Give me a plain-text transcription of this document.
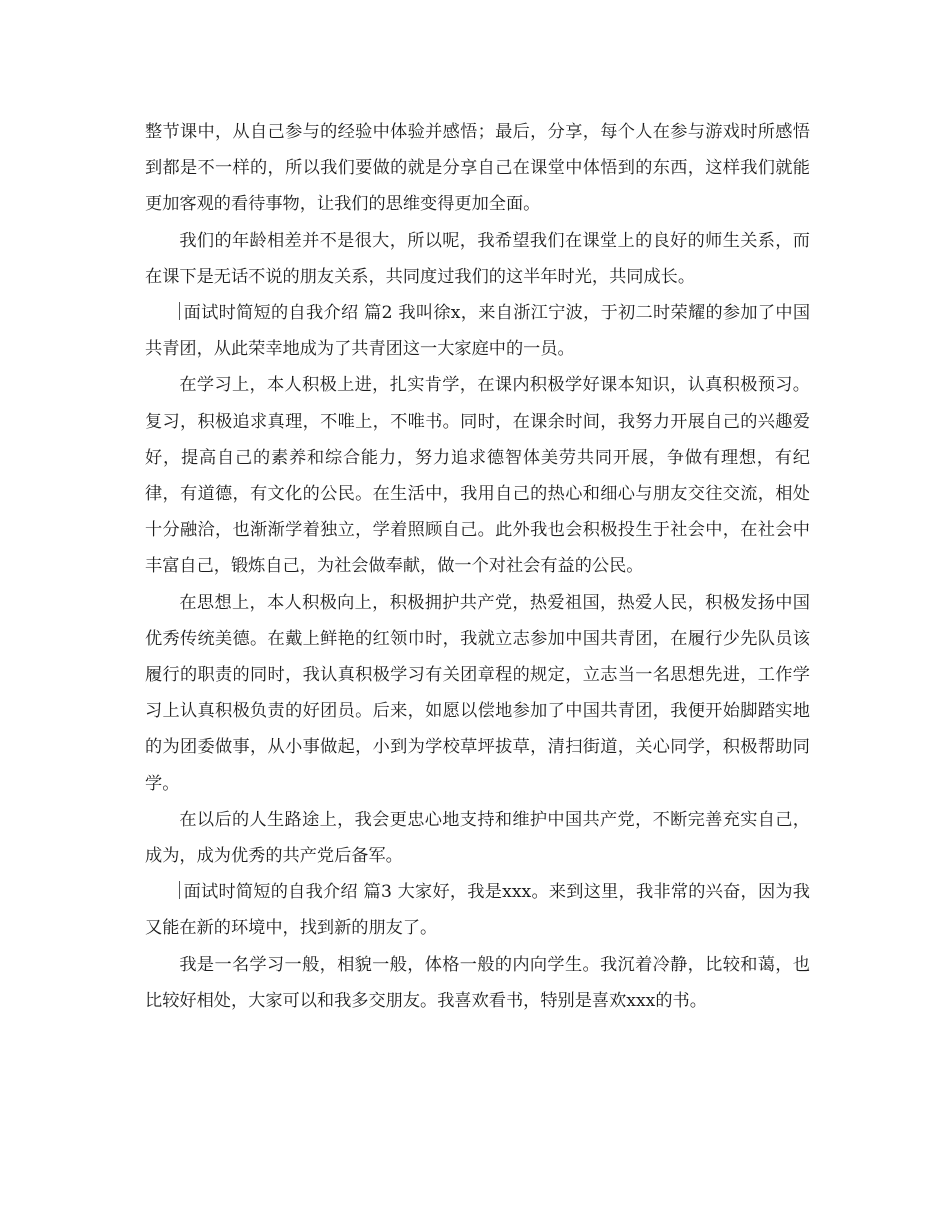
整节课中，从自己参与的经验中体验并感悟；最后，分享，每个人在参与游戏时所感悟到都是不一样的，所以我们要做的就是分享自己在课堂中体悟到的东西，这样我们就能更加客观的看待事物，让我们的思维变得更加全面。

我们的年龄相差并不是很大，所以呢，我希望我们在课堂上的良好的师生关系，而在课下是无话不说的朋友关系，共同度过我们的这半年时光，共同成长。

面试时简短的自我介绍 篇2 我叫徐x，来自浙江宁波，于初二时荣耀的参加了中国共青团，从此荣幸地成为了共青团这一大家庭中的一员。

在学习上，本人积极上进，扎实肯学，在课内积极学好课本知识，认真积极预习。复习，积极追求真理，不唯上，不唯书。同时，在课余时间，我努力开展自己的兴趣爱好，提高自己的素养和综合能力，努力追求德智体美劳共同开展，争做有理想，有纪律，有道德，有文化的公民。在生活中，我用自己的热心和细心与朋友交往交流，相处十分融洽，也渐渐学着独立，学着照顾自己。此外我也会积极投生于社会中，在社会中丰富自己，锻炼自己，为社会做奉献，做一个对社会有益的公民。

在思想上，本人积极向上，积极拥护共产党，热爱祖国，热爱人民，积极发扬中国优秀传统美德。在戴上鲜艳的红领巾时，我就立志参加中国共青团，在履行少先队员该履行的职责的同时，我认真积极学习有关团章程的规定，立志当一名思想先进，工作学习上认真积极负责的好团员。后来，如愿以偿地参加了中国共青团，我便开始脚踏实地的为团委做事，从小事做起，小到为学校草坪拔草，清扫街道，关心同学，积极帮助同学。

在以后的人生路途上，我会更忠心地支持和维护中国共产党，不断完善充实自己，成为，成为优秀的共产党后备军。

面试时简短的自我介绍 篇3 大家好，我是xxx。来到这里，我非常的兴奋，因为我又能在新的环境中，找到新的朋友了。

我是一名学习一般，相貌一般，体格一般的内向学生。我沉着冷静，比较和蔼，也比较好相处，大家可以和我多交朋友。我喜欢看书，特别是喜欢xxx的书。
